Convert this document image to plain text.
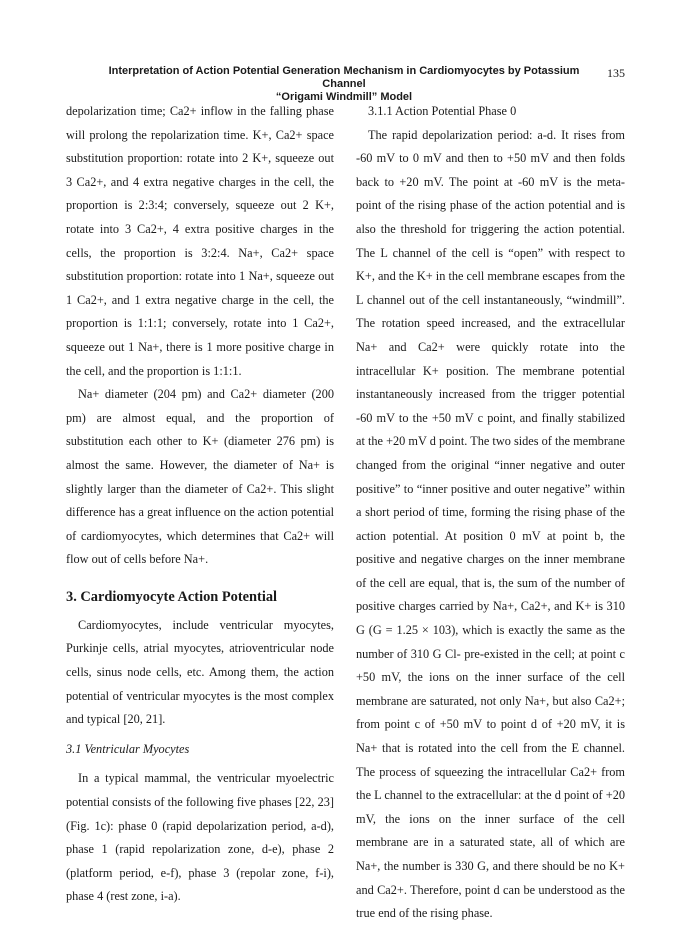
Interpretation of Action Potential Generation Mechanism in Cardiomyocytes by Potassium Channel
“Origami Windmill” Model
135

depolarization time; Ca2+ inflow in the falling phase will prolong the repolarization time. K+, Ca2+ space substitution proportion: rotate into 2 K+, squeeze out 3 Ca2+, and 4 extra negative charges in the cell, the proportion is 2:3:4; conversely, squeeze out 2 K+, rotate into 3 Ca2+, 4 extra positive charges in the cells, the proportion is 3:2:4. Na+, Ca2+ space substitution proportion: rotate into 1 Na+, squeeze out 1 Ca2+, and 1 extra negative charge in the cell, the proportion is 1:1:1; conversely, rotate into 1 Ca2+, squeeze out 1 Na+, there is 1 more positive charge in the cell, and the proportion is 1:1:1.

Na+ diameter (204 pm) and Ca2+ diameter (200 pm) are almost equal, and the proportion of substitution each other to K+ (diameter 276 pm) is almost the same. However, the diameter of Na+ is slightly larger than the diameter of Ca2+. This slight difference has a great influence on the action potential of cardiomyocytes, which determines that Ca2+ will flow out of cells before Na+.

3. Cardiomyocyte Action Potential

Cardiomyocytes, include ventricular myocytes, Purkinje cells, atrial myocytes, atrioventricular node cells, sinus node cells, etc. Among them, the action potential of ventricular myocytes is the most complex and typical [20, 21].

3.1 Ventricular Myocytes

In a typical mammal, the ventricular myoelectric potential consists of the following five phases [22, 23] (Fig. 1c): phase 0 (rapid depolarization period, a-d), phase 1 (rapid repolarization zone, d-e), phase 2 (platform period, e-f), phase 3 (repolar zone, f-i), phase 4 (rest zone, i-a).

3.1.1 Action Potential Phase 0

The rapid depolarization period: a-d. It rises from -60 mV to 0 mV and then to +50 mV and then folds back to +20 mV. The point at -60 mV is the meta-point of the rising phase of the action potential and is also the threshold for triggering the action potential. The L channel of the cell is “open” with respect to K+, and the K+ in the cell membrane escapes from the L channel out of the cell instantaneously, “windmill”. The rotation speed increased, and the extracellular Na+ and Ca2+ were quickly rotate into the intracellular K+ position. The membrane potential instantaneously increased from the trigger potential -60 mV to the +50 mV c point, and finally stabilized at the +20 mV d point. The two sides of the membrane changed from the original “inner negative and outer positive” to “inner positive and outer negative” within a short period of time, forming the rising phase of the action potential. At position 0 mV at point b, the positive and negative charges on the inner membrane of the cell are equal, that is, the sum of the number of positive charges carried by Na+, Ca2+, and K+ is 310 G (G = 1.25 × 103), which is exactly the same as the number of 310 G Cl- pre-existed in the cell; at point c +50 mV, the ions on the inner surface of the cell membrane are saturated, not only Na+, but also Ca2+; from point c of +50 mV to point d of +20 mV, it is Na+ that is rotated into the cell from the E channel. The process of squeezing the intracellular Ca2+ from the L channel to the extracellular: at the d point of +20 mV, the ions on the inner surface of the cell membrane are in a saturated state, all of which are Na+, the number is 330 G, and there should be no K+ and Ca2+. Therefore, point d can be understood as the true end of the rising phase.
